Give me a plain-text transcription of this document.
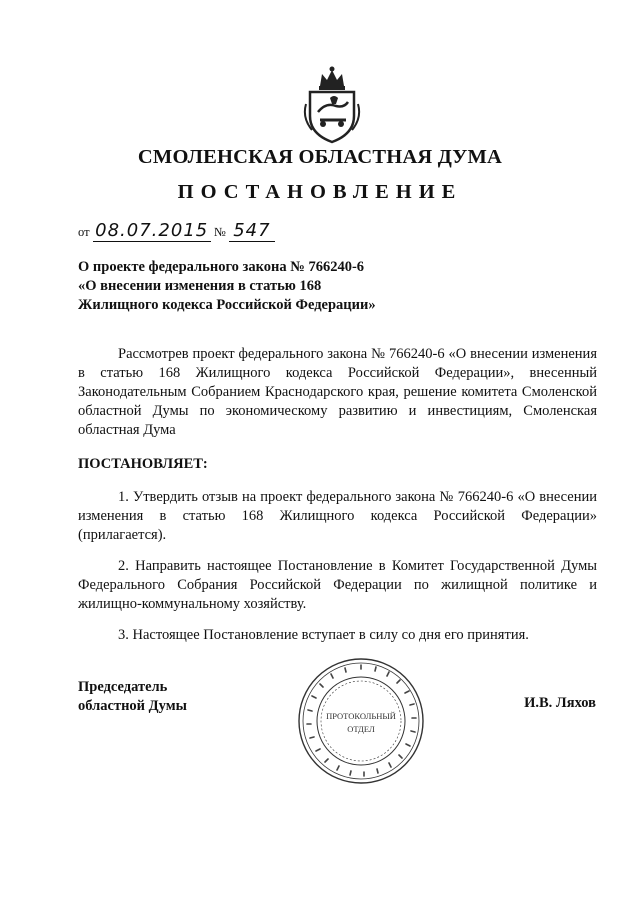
СМОЛЕНСКАЯ ОБЛАСТНАЯ ДУМА
ПОСТАНОВЛЕНИЕ
от 08.07.2015 № 547
О проекте федерального закона № 766240-6
«О внесении изменения в статью 168
Жилищного кодекса Российской Федерации»
Рассмотрев проект федерального закона № 766240-6 «О внесении изменения в статью 168 Жилищного кодекса Российской Федерации», внесенный Законодательным Собранием Краснодарского края, решение комитета Смоленской областной Думы по экономическому развитию и инвестициям, Смоленская областная Дума
ПОСТАНОВЛЯЕТ:
1. Утвердить отзыв на проект федерального закона № 766240-6 «О внесении изменения в статью 168 Жилищного кодекса Российской Федерации» (прилагается).
2. Направить настоящее Постановление в Комитет Государственной Думы Федерального Собрания Российской Федерации по жилищной политике и жилищно-коммунальному хозяйству.
3. Настоящее Постановление вступает в силу со дня его принятия.
Председатель
областной Думы	И.В. Ляхов
ПРОТОКОЛЬНЫЙ
ОТДЕЛ
